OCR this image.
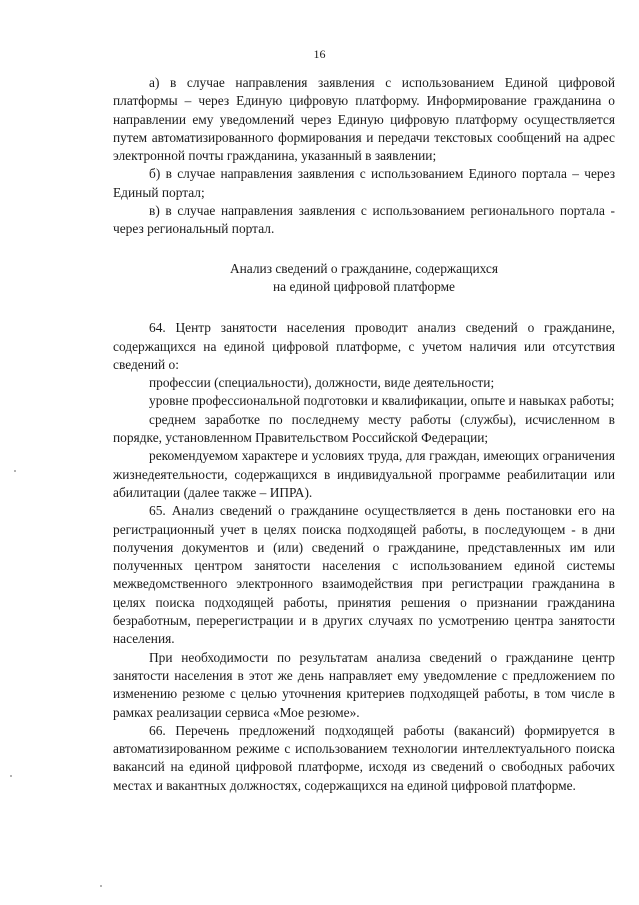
16

а) в случае направления заявления с использованием Единой цифровой платформы – через Единую цифровую платформу. Информирование гражданина о направлении ему уведомлений через Единую цифровую платформу осуществляется путем автоматизированного формирования и передачи текстовых сообщений на адрес электронной почты гражданина, указанный в заявлении;

б) в случае направления заявления с использованием Единого портала – через Единый портал;

в) в случае направления заявления с использованием регионального портала - через региональный портал.

Анализ сведений о гражданине, содержащихся
на единой цифровой платформе

64. Центр занятости населения проводит анализ сведений о гражданине, содержащихся на единой цифровой платформе, с учетом наличия или отсутствия сведений о:

профессии (специальности), должности, виде деятельности;

уровне профессиональной подготовки и квалификации, опыте и навыках работы;

среднем заработке по последнему месту работы (службы), исчисленном в порядке, установленном Правительством Российской Федерации;

рекомендуемом характере и условиях труда, для граждан, имеющих ограничения жизнедеятельности, содержащихся в индивидуальной программе реабилитации или абилитации (далее также – ИПРА).

65. Анализ сведений о гражданине осуществляется в день постановки его на регистрационный учет в целях поиска подходящей работы, в последующем - в дни получения документов и (или) сведений о гражданине, представленных им или полученных центром занятости населения с использованием единой системы межведомственного электронного взаимодействия при регистрации гражданина в целях поиска подходящей работы, принятия решения о признании гражданина безработным, перерегистрации и в других случаях по усмотрению центра занятости населения.

При необходимости по результатам анализа сведений о гражданине центр занятости населения в этот же день направляет ему уведомление с предложением по изменению резюме с целью уточнения критериев подходящей работы, в том числе в рамках реализации сервиса «Мое резюме».

66. Перечень предложений подходящей работы (вакансий) формируется в автоматизированном режиме с использованием технологии интеллектуального поиска вакансий на единой цифровой платформе, исходя из сведений о свободных рабочих местах и вакантных должностях, содержащихся на единой цифровой платформе.
